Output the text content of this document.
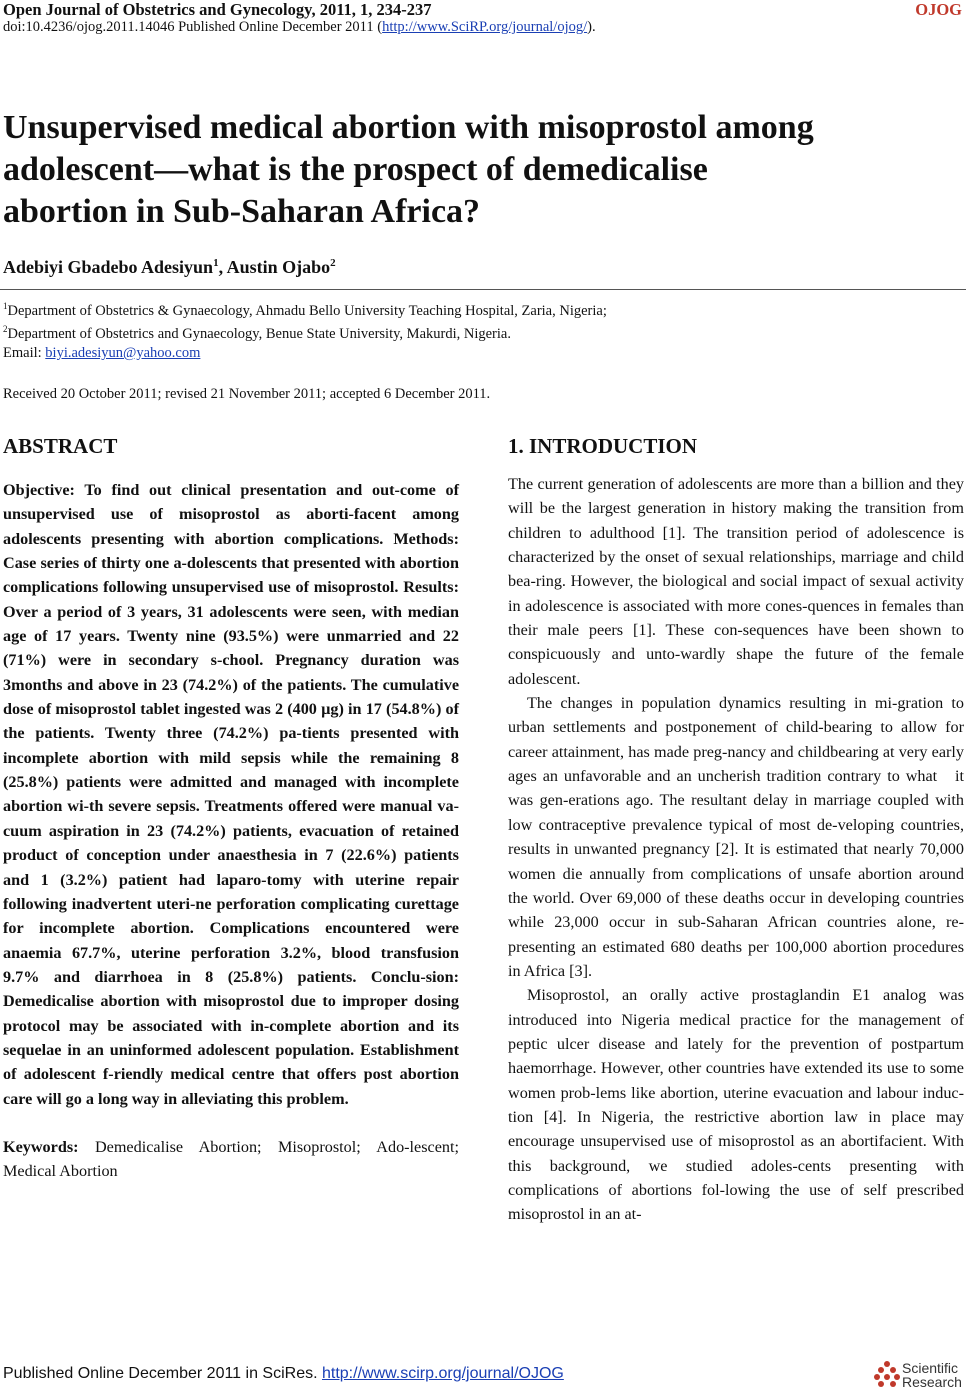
Open Journal of Obstetrics and Gynecology, 2011, 1, 234-237	OJOG
doi:10.4236/ojog.2011.14046 Published Online December 2011 (http://www.SciRP.org/journal/ojog/).
Unsupervised medical abortion with misoprostol among
adolescent—what is the prospect of demedicalise
abortion in Sub-Saharan Africa?
Adebiyi Gbadebo Adesiyun$^1$, Austin Ojabo$^2$
$^1$Department of Obstetrics & Gynaecology, Ahmadu Bello University Teaching Hospital, Zaria, Nigeria;
$^2$Department of Obstetrics and Gynaecology, Benue State University, Makurdi, Nigeria.
Email: biyi.adesiyun@yahoo.com
Received 20 October 2011; revised 21 November 2011; accepted 6 December 2011.
ABSTRACT

Objective: To find out clinical presentation and out-come of unsupervised use of misoprostol as aborti-facent among adolescents presenting with abortion complications. Methods: Case series of thirty one a-dolescents that presented with abortion complications following unsupervised use of misoprostol. Results: Over a period of 3 years, 31 adolescents were seen, with median age of 17 years. Twenty nine (93.5%) were unmarried and 22 (71%) were in secondary s-chool. Pregnancy duration was 3months and above in 23 (74.2%) of the patients. The cumulative dose of misoprostol tablet ingested was 2 (400 µg) in 17 (54.8%) of the patients. Twenty three (74.2%) pa-tients presented with incomplete abortion with mild sepsis while the remaining 8 (25.8%) patients were admitted and managed with incomplete abortion wi-th severe sepsis. Treatments offered were manual va-cuum aspiration in 23 (74.2%) patients, evacuation of retained product of conception under anaesthesia in 7 (22.6%) patients and 1 (3.2%) patient had laparo-tomy with uterine repair following inadvertent uteri-ne perforation complicating curettage for incomplete abortion. Complications encountered were anaemia 67.7%, uterine perforation 3.2%, blood transfusion 9.7% and diarrhoea in 8 (25.8%) patients. Conclu-sion: Demedicalise abortion with misoprostol due to improper dosing protocol may be associated with in-complete abortion and its sequelae in an uninformed adolescent population. Establishment of adolescent f-riendly medical centre that offers post abortion care will go a long way in alleviating this problem.

Keywords: Demedicalise Abortion; Misoprostol; Ado-lescent; Medical Abortion

1. INTRODUCTION

The current generation of adolescents are more than a billion and they will be the largest generation in history making the transition from children to adulthood [1]. The transition period of adolescence is characterized by the onset of sexual relationships, marriage and child bea-ring. However, the biological and social impact of sexual activity in adolescence is associated with more cones-quences in females than their male peers [1]. These con-sequences have been shown to conspicuously and unto-wardly shape the future of the female adolescent.

The changes in population dynamics resulting in mi-gration to urban settlements and postponement of child-bearing to allow for career attainment, has made preg-nancy and childbearing at very early ages an unfavorable and an uncherish tradition contrary to what   it was gen-erations ago. The resultant delay in marriage coupled with low contraceptive prevalence typical of most de-veloping countries, results in unwanted pregnancy [2]. It is estimated that nearly 70,000 women die annually from complications of unsafe abortion around the world. Over 69,000 of these deaths occur in developing countries while 23,000 occur in sub-Saharan African countries alone, re-presenting an estimated 680 deaths per 100,000 abortion procedures in Africa [3].

Misoprostol, an orally active prostaglandin E1 analog was introduced into Nigeria medical practice for the management of peptic ulcer disease and lately for the prevention of postpartum haemorrhage. However, other countries have extended its use to some women prob-lems like abortion, uterine evacuation and labour induc-tion [4]. In Nigeria, the restrictive abortion law in place may encourage unsupervised use of misoprostol as an abortifacient. With this background, we studied adoles-cents presenting with complications of abortions fol-lowing the use of self prescribed misoprostol in an at-

Published Online December 2011 in SciRes. http://www.scirp.org/journal/OJOG	Scientific
Research
